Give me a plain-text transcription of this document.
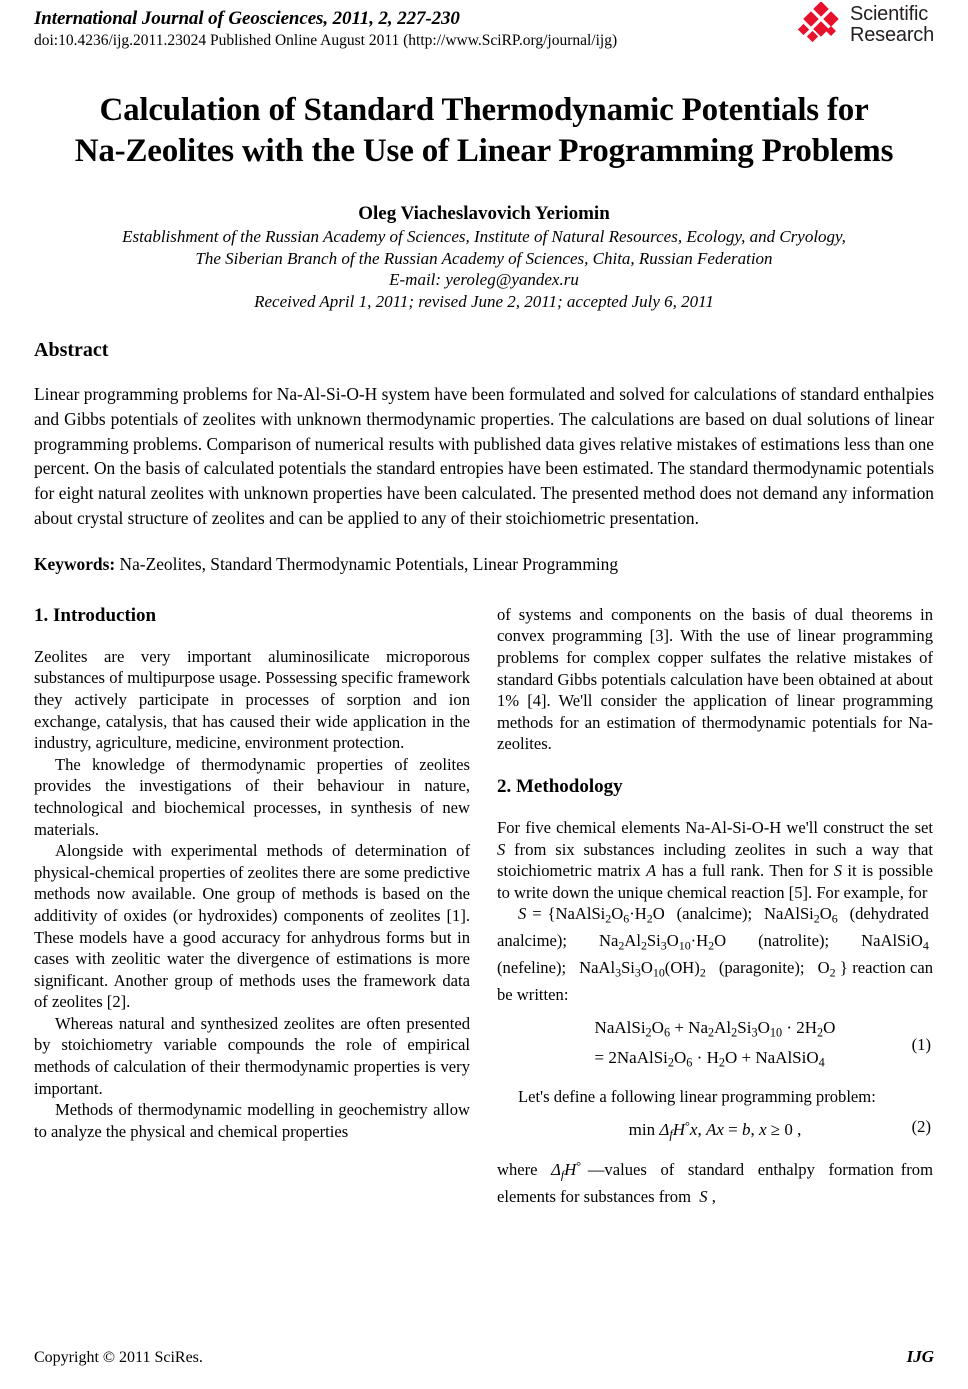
International Journal of Geosciences, 2011, 2, 227-230
doi:10.4236/ijg.2011.23024 Published Online August 2011 (http://www.SciRP.org/journal/ijg)
Scientific
Research
Calculation of Standard Thermodynamic Potentials for
Na-Zeolites with the Use of Linear Programming Problems
Oleg Viacheslavovich Yeriomin
Establishment of the Russian Academy of Sciences, Institute of Natural Resources, Ecology, and Cryology,
The Siberian Branch of the Russian Academy of Sciences, Chita, Russian Federation
E-mail: yeroleg@yandex.ru
Received April 1, 2011; revised June 2, 2011; accepted July 6, 2011
Abstract
Linear programming problems for Na-Al-Si-O-H system have been formulated and solved for calculations of standard enthalpies and Gibbs potentials of zeolites with unknown thermodynamic properties. The calculations are based on dual solutions of linear programming problems. Comparison of numerical results with published data gives relative mistakes of estimations less than one percent. On the basis of calculated potentials the standard entropies have been estimated. The standard thermodynamic potentials for eight natural zeolites with unknown properties have been calculated. The presented method does not demand any information about crystal structure of zeolites and can be applied to any of their stoichiometric presentation.
Keywords: Na-Zeolites, Standard Thermodynamic Potentials, Linear Programming
1. Introduction

Zeolites are very important aluminosilicate microporous substances of multipurpose usage. Possessing specific framework they actively participate in processes of sorption and ion exchange, catalysis, that has caused their wide application in the industry, agriculture, medicine, environment protection.

The knowledge of thermodynamic properties of zeolites provides the investigations of their behaviour in nature, technological and biochemical processes, in synthesis of new materials.

Alongside with experimental methods of determination of physical-chemical properties of zeolites there are some predictive methods now available. One group of methods is based on the additivity of oxides (or hydroxides) components of zeolites [1]. These models have a good accuracy for anhydrous forms but in cases with zeolitic water the divergence of estimations is more significant. Another group of methods uses the framework data of zeolites [2].

Whereas natural and synthesized zeolites are often presented by stoichiometry variable compounds the role of empirical methods of calculation of their thermodynamic properties is very important.

Methods of thermodynamic modelling in geochemistry allow to analyze the physical and chemical properties

of systems and components on the basis of dual theorems in convex programming [3]. With the use of linear programming problems for complex copper sulfates the relative mistakes of standard Gibbs potentials calculation have been obtained at about 1% [4]. We'll consider the application of linear programming methods for an estimation of thermodynamic potentials for Na-zeolites.

2. Methodology

For five chemical elements Na-Al-Si-O-H we'll construct the set S from six substances including zeolites in such a way that stoichiometric matrix A has a full rank. Then for S it is possible to write down the unique chemical reaction [5]. For example, for

$S = \{NaAlSi_2O_6\cdot H_2O$  (analcime);  $NaAlSi_2O_6$  (dehydrated  analcime);  $Na_2Al_2Si_3O_{10}\cdot H_2O$  (natrolite);  NaAlSiO$_4$  (nefeline);   $NaAl_3Si_3O_{10}(OH)_2$   (paragonite);   $O_2$ } reaction can be written:

$NaAlSi_2O_6 + Na_2Al_2Si_3O_{10} \cdot 2H_2O$
= $2NaAlSi_2O_6 \cdot H_2O$ + NaAlSiO$_4$
(1)

Let's define a following linear programming problem:

$\min \Delta_fH^\circ x$, Ax = b, x ≥ 0 ,	(2)

where  $\Delta_fH^\circ$ —values  of  standard  enthalpy  formation from elements for substances from  S ,

Copyright © 2011 SciRes.	IJG
